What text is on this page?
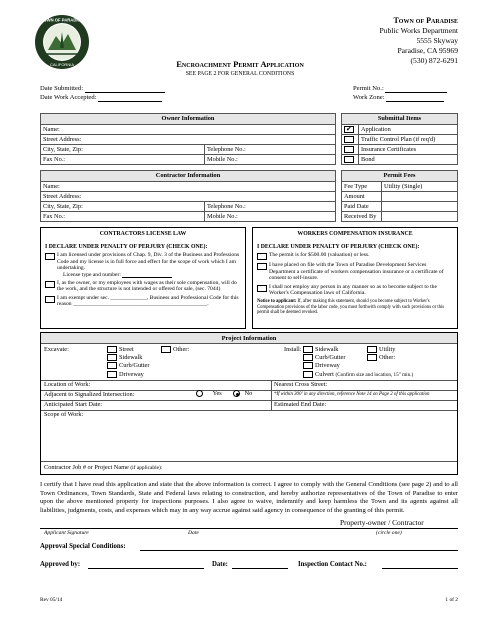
TOWN OF PARADISE
CALIFORNIA
Town of Paradise
Public Works Department
5555 Skyway
Paradise, CA 95969
(530) 872-6291
Encroachment Permit Application
SEE PAGE 2 FOR GENERAL CONDITIONS
Date Submitted:
Date Work Accepted:
Permit No.:
Work Zone:
Owner Information	
Name:	
Street Address:	
City, State, Zip:	Telephone No.:
Fax No.:	Mobile No.:
Submittal Items	
✔	Application
	Traffic Control Plan (if req'd)
	Insurance Certificates
	Bond
Contractor Information	
Name:	
Street Address:	
City, State, Zip:	Telephone No.:
Fax No.:	Mobile No.:
Permit Fees	
Fee Type	Utility (Single)
Amount	
Paid Date	
Received By	
CONTRACTORS LICENSE LAW
I DECLARE UNDER PENALTY OF PERJURY (CHECK ONE):
I am licensed under provisions of Chap. 9, Div. 3 of the Business and Professions Code and my license is in full force and effect for the scope of work which I am undertaking.
License type and number:
I, as the owner, or my employees with wages as their sole compensation, will do the work, and the structure is not intended or offered for sale, (sec. 7044)
I am exempt under sec. _____________, Business and Professional Code for this reason ________________________________________________.
WORKERS COMPENSATION INSURANCE
I DECLARE UNDER PENALTY OF PERJURY (CHECK ONE):
The permit is for $500.00 (valuation) or less.
I have placed on file with the Town of Paradise Development Services Department a certificate of workers compensation insurance or a certificate of consent to self-insure.
I shall not employ any person in any manner so as to become subject to the Worker's Compensation laws of California.
Notice to applicant: If, after making this statement, should you become subject to Worker's Compensation provisions of the labor code, you must forthwith comply with such provisions or this permit shall be deemed revoked.
Project Information
Excavate:	Street
Sidewalk
Curb/Gutter
Driveway
Other:	Install:	Sidewalk
Curb/Gutter
Driveway
Culvert (Confirm size and location, 15" min.)
Utility
Other:
Location of Work:	Nearest Cross Street:
Adjacent to Signalized Intersection:	Yes	No	*If within 300' in any direction, reference Note 14 on Page 2 of this application
Anticipated Start Date:	Estimated End Date:
Scope of Work:
Contractor Job # or Project Name (if applicable):
I certify that I have read this application and state that the above information is correct. I agree to comply with the General Conditions (see page 2) and to all Town Ordinances, Town Standards, State and Federal laws relating to construction, and hereby authorize representatives of the Town of Paradise to enter upon the above mentioned property for inspections purposes. I also agree to waive, indemnify and keep harmless the Town and its agents against all liabilities, judgments, costs, and expenses which may in any way accrue against said agency in consequence of the granting of this permit.
Property-owner / Contractor
Applicant Signature	Date	(circle one)
Approval Special Conditions:
Approved by:	Date:	Inspection Contact No.:
Rev 05/14	1 of 2
